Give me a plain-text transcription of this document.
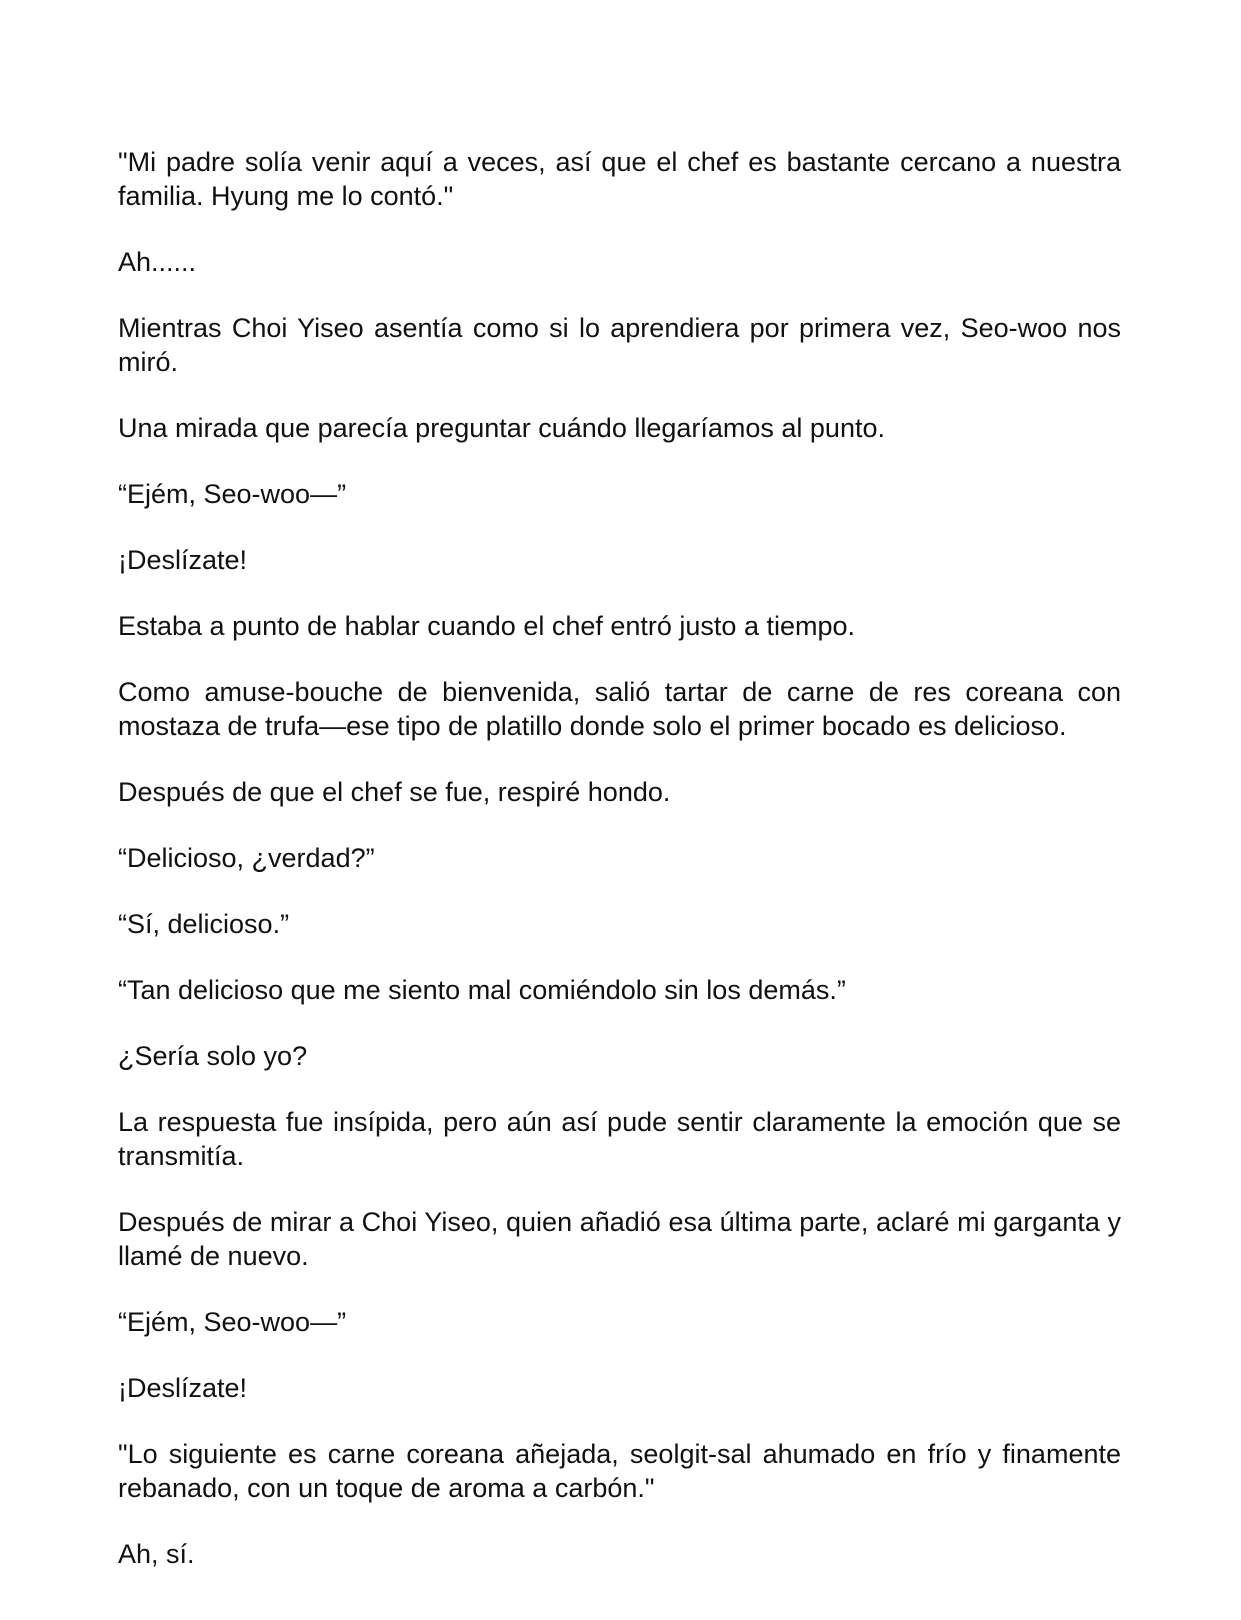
"Mi padre solía venir aquí a veces, así que el chef es bastante cercano a nuestra familia. Hyung me lo contó."

Ah......

Mientras Choi Yiseo asentía como si lo aprendiera por primera vez, Seo-woo nos miró.

Una mirada que parecía preguntar cuándo llegaríamos al punto.

“Ejém, Seo-woo—”

¡Deslízate!

Estaba a punto de hablar cuando el chef entró justo a tiempo.

Como amuse-bouche de bienvenida, salió tartar de carne de res coreana con mostaza de trufa—ese tipo de platillo donde solo el primer bocado es delicioso.

Después de que el chef se fue, respiré hondo.

“Delicioso, ¿verdad?”

“Sí, delicioso.”

“Tan delicioso que me siento mal comiéndolo sin los demás.”

¿Sería solo yo?

La respuesta fue insípida, pero aún así pude sentir claramente la emoción que se transmitía.

Después de mirar a Choi Yiseo, quien añadió esa última parte, aclaré mi garganta y llamé de nuevo.

“Ejém, Seo-woo—”

¡Deslízate!

"Lo siguiente es carne coreana añejada, seolgit-sal ahumado en frío y finamente rebanado, con un toque de aroma a carbón."

Ah, sí.
